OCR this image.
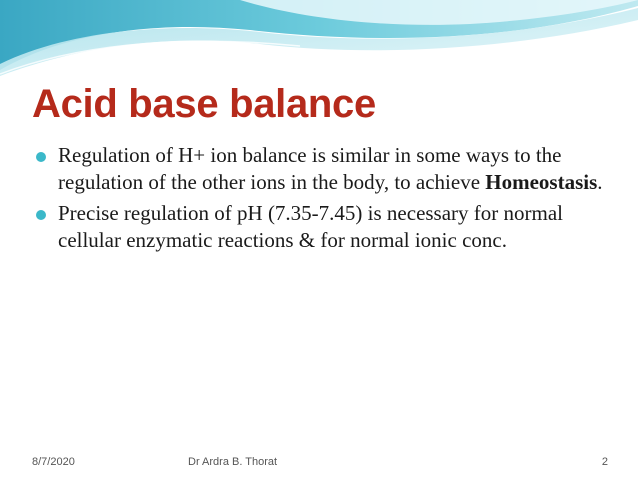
Acid base balance
Regulation of H+ ion balance is similar in some ways to the regulation of the other ions in the body, to achieve Homeostasis.
Precise regulation of pH (7.35-7.45) is necessary for normal cellular enzymatic reactions & for normal ionic conc.
8/7/2020	Dr Ardra B. Thorat	2
